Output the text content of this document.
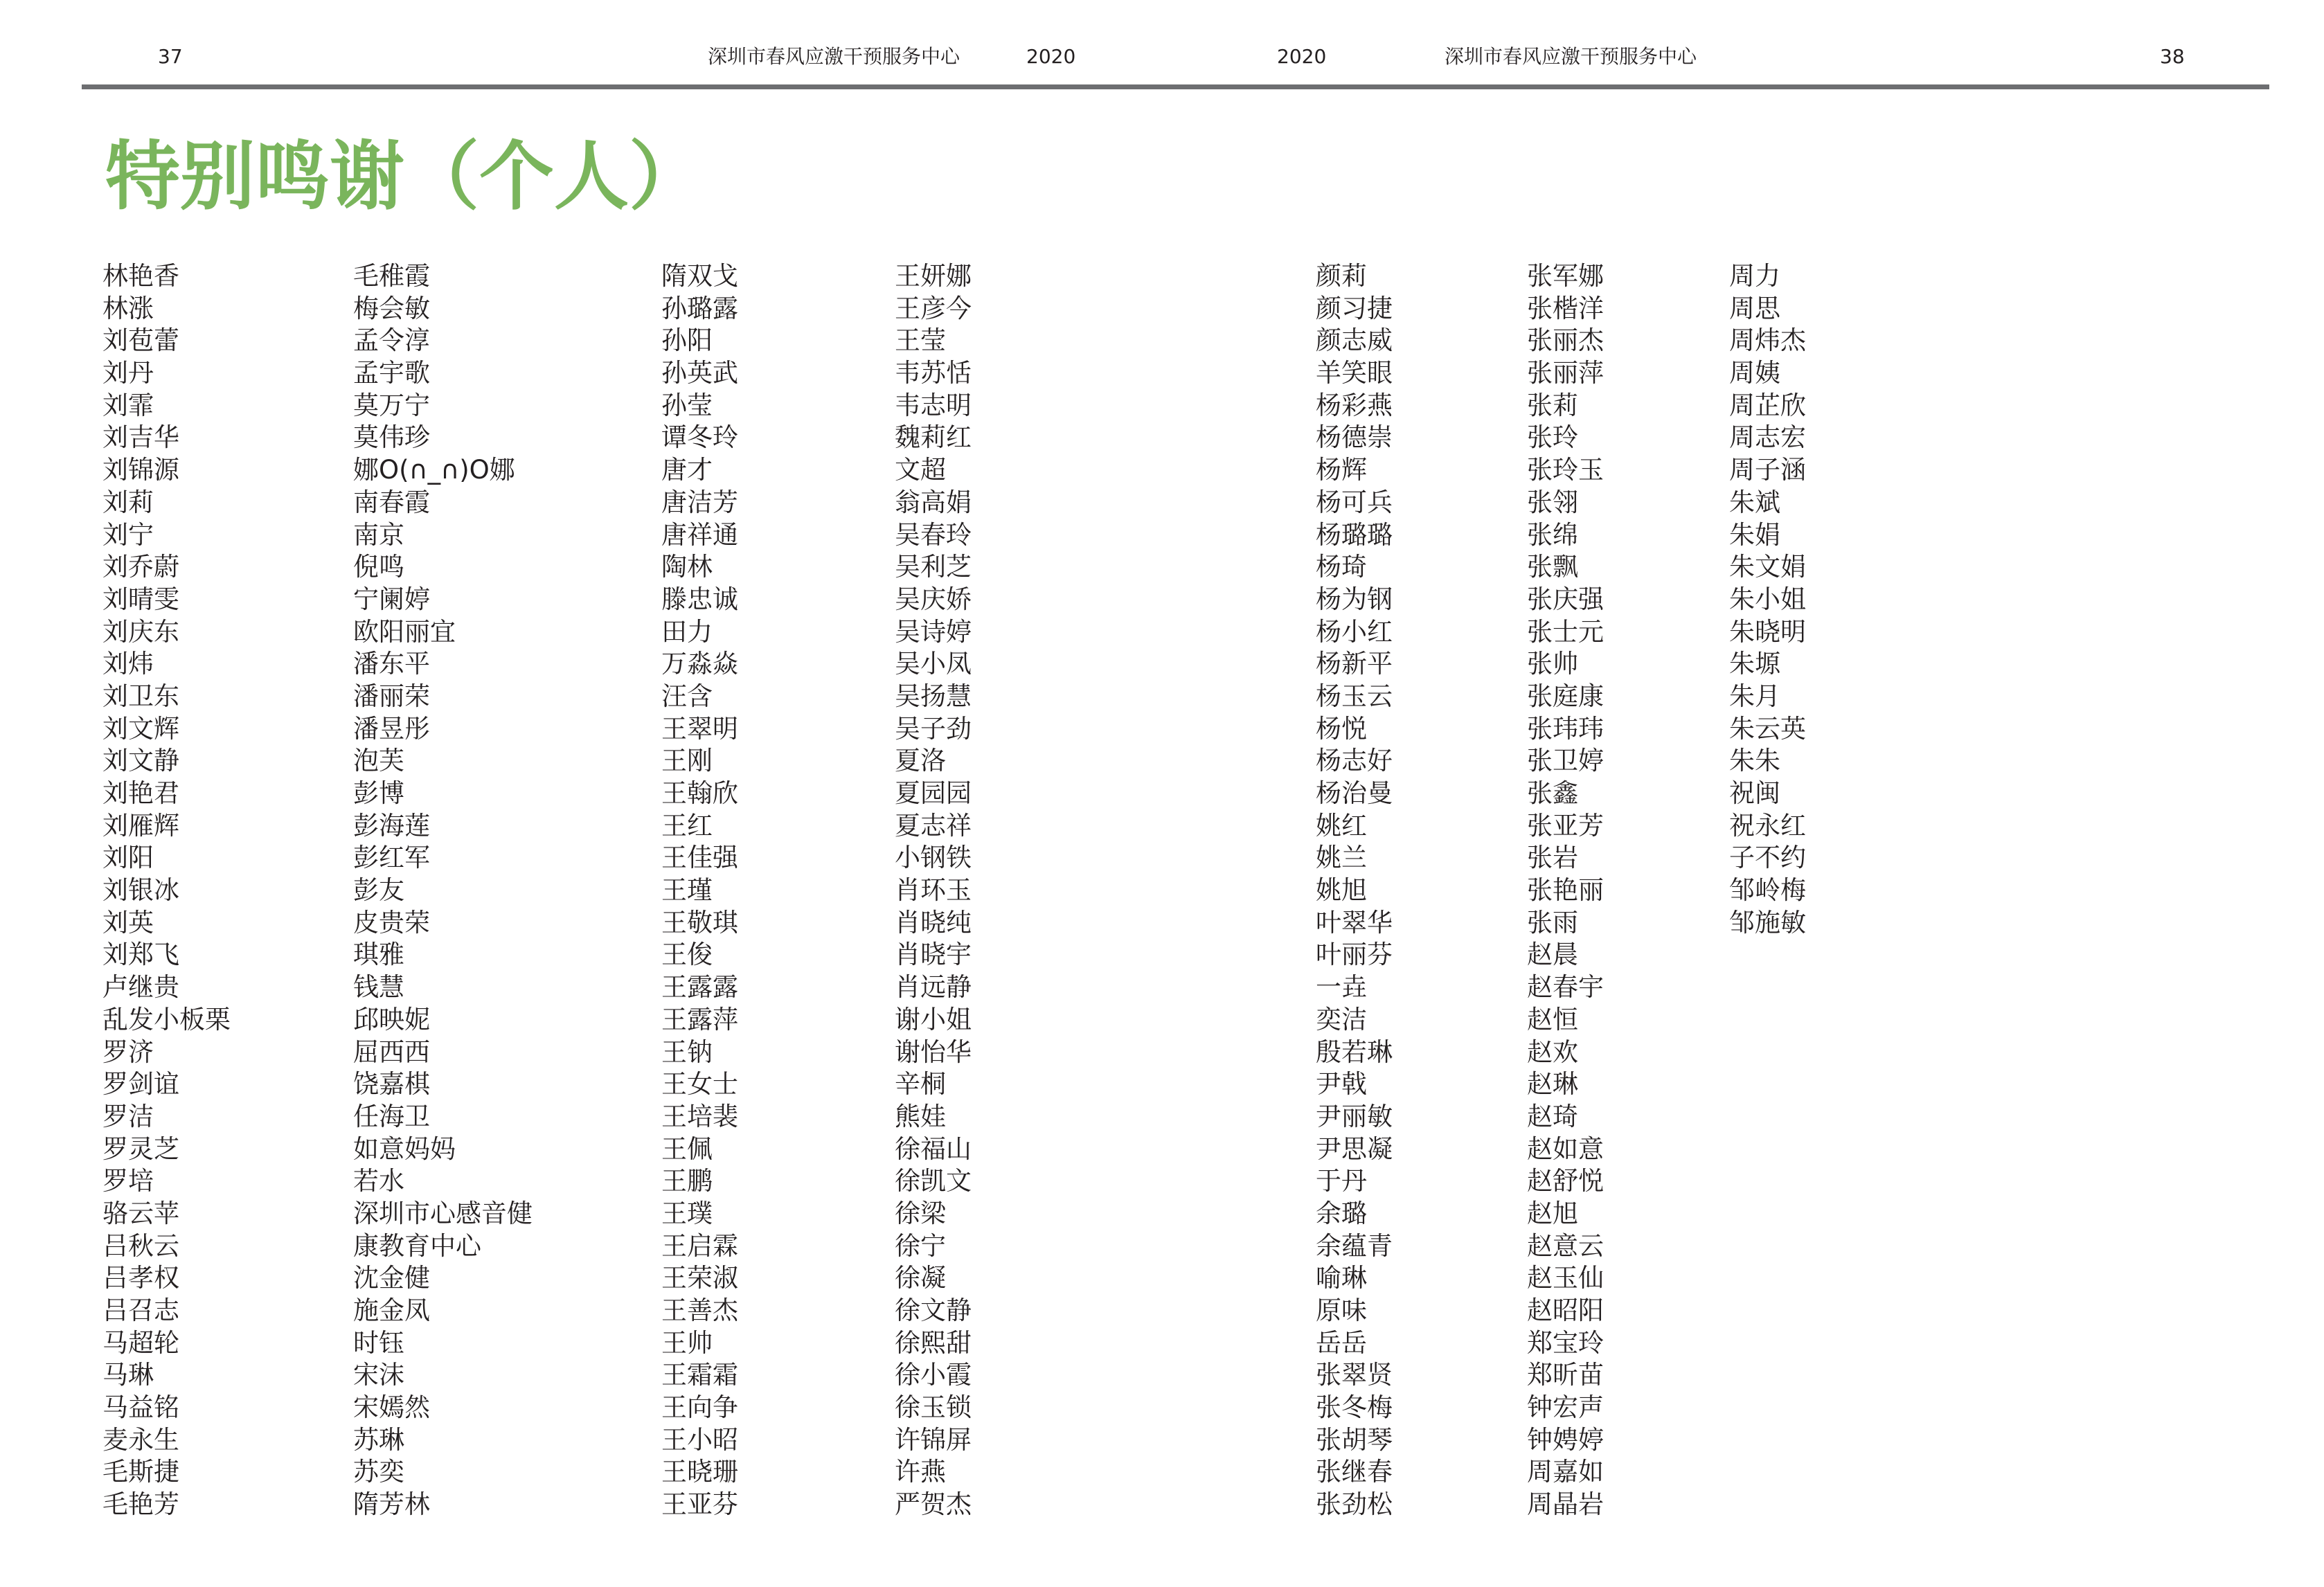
37	深圳市春风应激干预服务中心	2020	2020	深圳市春风应激干预服务中心	38
特别鸣谢（个人）
林艳香
林涨
刘苞蕾
刘丹
刘霏
刘吉华
刘锦源
刘莉
刘宁
刘乔蔚
刘晴雯
刘庆东
刘炜
刘卫东
刘文辉
刘文静
刘艳君
刘雁辉
刘阳
刘银冰
刘英
刘郑飞
卢继贵
乱发小板栗
罗济
罗剑谊
罗洁
罗灵芝
罗培
骆云苹
吕秋云
吕孝权
吕召志
马超轮
马琳
马益铭
麦永生
毛斯捷
毛艳芳
毛稚霞
梅会敏
孟令淳
孟宇歌
莫万宁
莫伟珍
娜O(∩_∩)O娜
南春霞
南京
倪鸣
宁阑婷
欧阳丽宜
潘东平
潘丽荣
潘昱彤
泡芙
彭博
彭海莲
彭红军
彭友
皮贵荣
琪雅
钱慧
邱映妮
屈西西
饶嘉棋
任海卫
如意妈妈
若水
深圳市心感音健
康教育中心
沈金健
施金凤
时钰
宋沫
宋嫣然
苏琳
苏奕
隋芳林
隋双戈
孙璐露
孙阳
孙英武
孙莹
谭冬玲
唐才
唐洁芳
唐祥通
陶林
滕忠诚
田力
万淼焱
汪含
王翠明
王刚
王翰欣
王红
王佳强
王瑾
王敬琪
王俊
王露露
王露萍
王钠
王女士
王培裴
王佩
王鹏
王璞
王启霖
王荣淑
王善杰
王帅
王霜霜
王向争
王小昭
王晓珊
王亚芬
王妍娜
王彦今
王莹
韦苏恬
韦志明
魏莉红
文超
翁高娟
吴春玲
吴利芝
吴庆娇
吴诗婷
吴小凤
吴扬慧
吴子劲
夏洛
夏园园
夏志祥
小钢铁
肖环玉
肖晓纯
肖晓宇
肖远静
谢小姐
谢怡华
辛桐
熊娃
徐福山
徐凯文
徐梁
徐宁
徐凝
徐文静
徐熙甜
徐小霞
徐玉锁
许锦屏
许燕
严贺杰
颜莉
颜习捷
颜志威
羊笑眼
杨彩燕
杨德崇
杨辉
杨可兵
杨璐璐
杨琦
杨为钢
杨小红
杨新平
杨玉云
杨悦
杨志好
杨治曼
姚红
姚兰
姚旭
叶翠华
叶丽芬
一垚
奕洁
殷若琳
尹戟
尹丽敏
尹思凝
于丹
余璐
余蕴青
喻琳
原味
岳岳
张翠贤
张冬梅
张胡琴
张继春
张劲松
张军娜
张楷洋
张丽杰
张丽萍
张莉
张玲
张玲玉
张翎
张绵
张飘
张庆强
张士元
张帅
张庭康
张玮玮
张卫婷
张鑫
张亚芳
张岩
张艳丽
张雨
赵晨
赵春宇
赵恒
赵欢
赵琳
赵琦
赵如意
赵舒悦
赵旭
赵意云
赵玉仙
赵昭阳
郑宝玲
郑昕苗
钟宏声
钟娉婷
周嘉如
周晶岩
周力
周思
周炜杰
周姨
周芷欣
周志宏
周子涵
朱斌
朱娟
朱文娟
朱小姐
朱晓明
朱塬
朱月
朱云英
朱朱
祝闽
祝永红
子不约
邹岭梅
邹施敏
